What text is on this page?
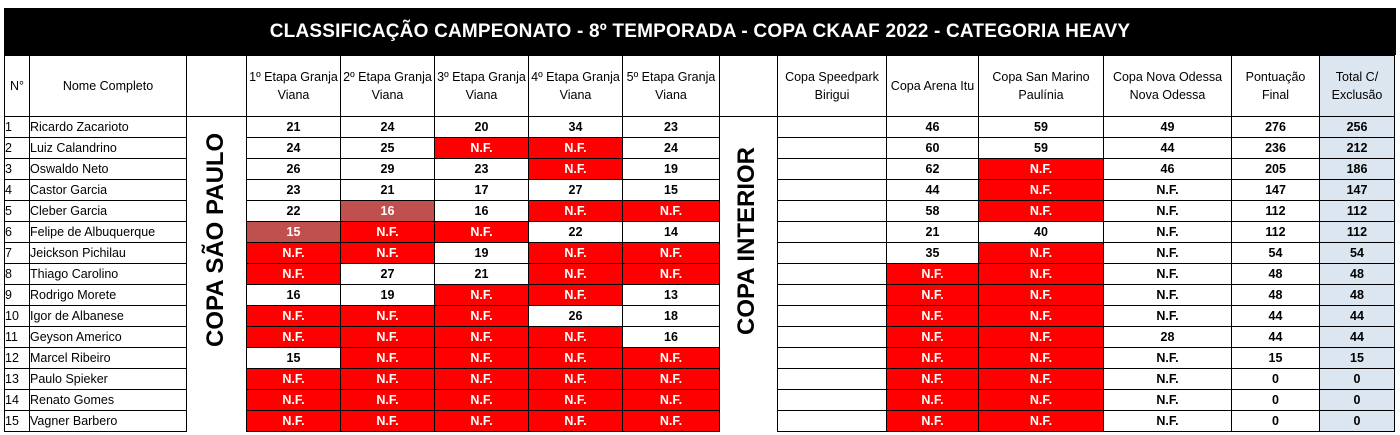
CLASSIFICAÇÃO CAMPEONATO - 8º TEMPORADA - COPA CKAAF 2022 - CATEGORIA HEAVY
N°	Nome Completo		1º Etapa Granja Viana	2º Etapa Granja Viana	3º Etapa Granja Viana	4º Etapa Granja Viana	5º Etapa Granja Viana		Copa Speedpark Birigui	Copa Arena Itu	Copa San Marino Paulínia	Copa Nova Odessa Nova Odessa	Pontuação Final	Total C/ Exclusão
1	Ricardo Zacarioto		21	24	20	34	23			46	59	49	276	256
2	Luiz Calandrino		24	25	N.F.	N.F.	24			60	59	44	236	212
3	Oswaldo Neto		26	29	23	N.F.	19			62	N.F.	46	205	186
4	Castor Garcia		23	21	17	27	15			44	N.F.	N.F.	147	147
5	Cleber Garcia		22	16	16	N.F.	N.F.			58	N.F.	N.F.	112	112
6	Felipe de Albuquerque		15	N.F.	N.F.	22	14			21	40	N.F.	112	112
7	Jeickson Pichilau		N.F.	N.F.	19	N.F.	N.F.			35	N.F.	N.F.	54	54
8	Thiago Carolino		N.F.	27	21	N.F.	N.F.			N.F.	N.F.	N.F.	48	48
9	Rodrigo Morete		16	19	N.F.	N.F.	13			N.F.	N.F.	N.F.	48	48
10	Igor de Albanese		N.F.	N.F.	N.F.	26	18			N.F.	N.F.	N.F.	44	44
11	Geyson Americo		N.F.	N.F.	N.F.	N.F.	16			N.F.	N.F.	28	44	44
12	Marcel Ribeiro		15	N.F.	N.F.	N.F.	N.F.			N.F.	N.F.	N.F.	15	15
13	Paulo Spieker		N.F.	N.F.	N.F.	N.F.	N.F.			N.F.	N.F.	N.F.	0	0
14	Renato Gomes		N.F.	N.F.	N.F.	N.F.	N.F.			N.F.	N.F.	N.F.	0	0
15	Vagner Barbero		N.F.	N.F.	N.F.	N.F.	N.F.			N.F.	N.F.	N.F.	0	0
COPA SÃO PAULO	COPA INTERIOR
